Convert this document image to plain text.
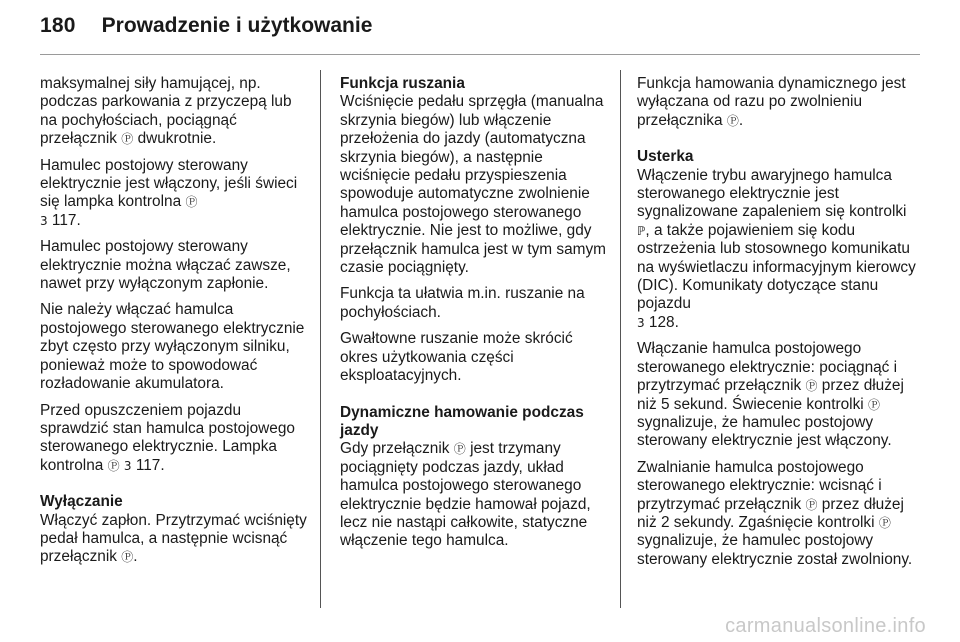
180 Prowadzenie i użytkowanie

maksymalnej siły hamującej, np. podczas parkowania z przyczepą lub na pochyłościach, pociągnąć przełącznik Ⓟ dwukrotnie.

Hamulec postojowy sterowany elektrycznie jest włączony, jeśli świeci się lampka kontrolna Ⓟ
3 117.

Hamulec postojowy sterowany elektrycznie można włączać zawsze, nawet przy wyłączonym zapłonie.

Nie należy włączać hamulca postojowego sterowanego elektrycznie zbyt często przy wyłączonym silniku, ponieważ może to spowodować rozładowanie akumulatora.

Przed opuszczeniem pojazdu sprawdzić stan hamulca postojowego sterowanego elektrycznie. Lampka kontrolna Ⓟ 3 117.

Wyłączanie

Włączyć zapłon. Przytrzymać wciśnięty pedał hamulca, a następnie wcisnąć przełącznik Ⓟ.

Funkcja ruszania

Wciśnięcie pedału sprzęgła (manualna skrzynia biegów) lub włączenie przełożenia do jazdy (automatyczna skrzynia biegów), a następnie wciśnięcie pedału przyspieszenia spowoduje automatyczne zwolnienie hamulca postojowego sterowanego elektrycznie. Nie jest to możliwe, gdy przełącznik hamulca jest w tym samym czasie pociągnięty.

Funkcja ta ułatwia m.in. ruszanie na pochyłościach.

Gwałtowne ruszanie może skrócić okres użytkowania części eksploatacyjnych.

Dynamiczne hamowanie podczas jazdy

Gdy przełącznik Ⓟ jest trzymany pociągnięty podczas jazdy, układ hamulca postojowego sterowanego elektrycznie będzie hamował pojazd, lecz nie nastąpi całkowite, statyczne włączenie tego hamulca.

Funkcja hamowania dynamicznego jest wyłączana od razu po zwolnieniu przełącznika Ⓟ.

Usterka

Włączenie trybu awaryjnego hamulca sterowanego elektrycznie jest sygnalizowane zapaleniem się kontrolki ℙ, a także pojawieniem się kodu ostrzeżenia lub stosownego komunikatu na wyświetlaczu informacyjnym kierowcy (DIC). Komunikaty dotyczące stanu pojazdu
3 128.

Włączanie hamulca postojowego sterowanego elektrycznie: pociągnąć i przytrzymać przełącznik Ⓟ przez dłużej niż 5 sekund. Świecenie kontrolki Ⓟ sygnalizuje, że hamulec postojowy sterowany elektrycznie jest włączony.

Zwalnianie hamulca postojowego sterowanego elektrycznie: wcisnąć i przytrzymać przełącznik Ⓟ przez dłużej niż 2 sekundy. Zgaśnięcie kontrolki Ⓟ sygnalizuje, że hamulec postojowy sterowany elektrycznie został zwolniony.

carmanualsonline.info
